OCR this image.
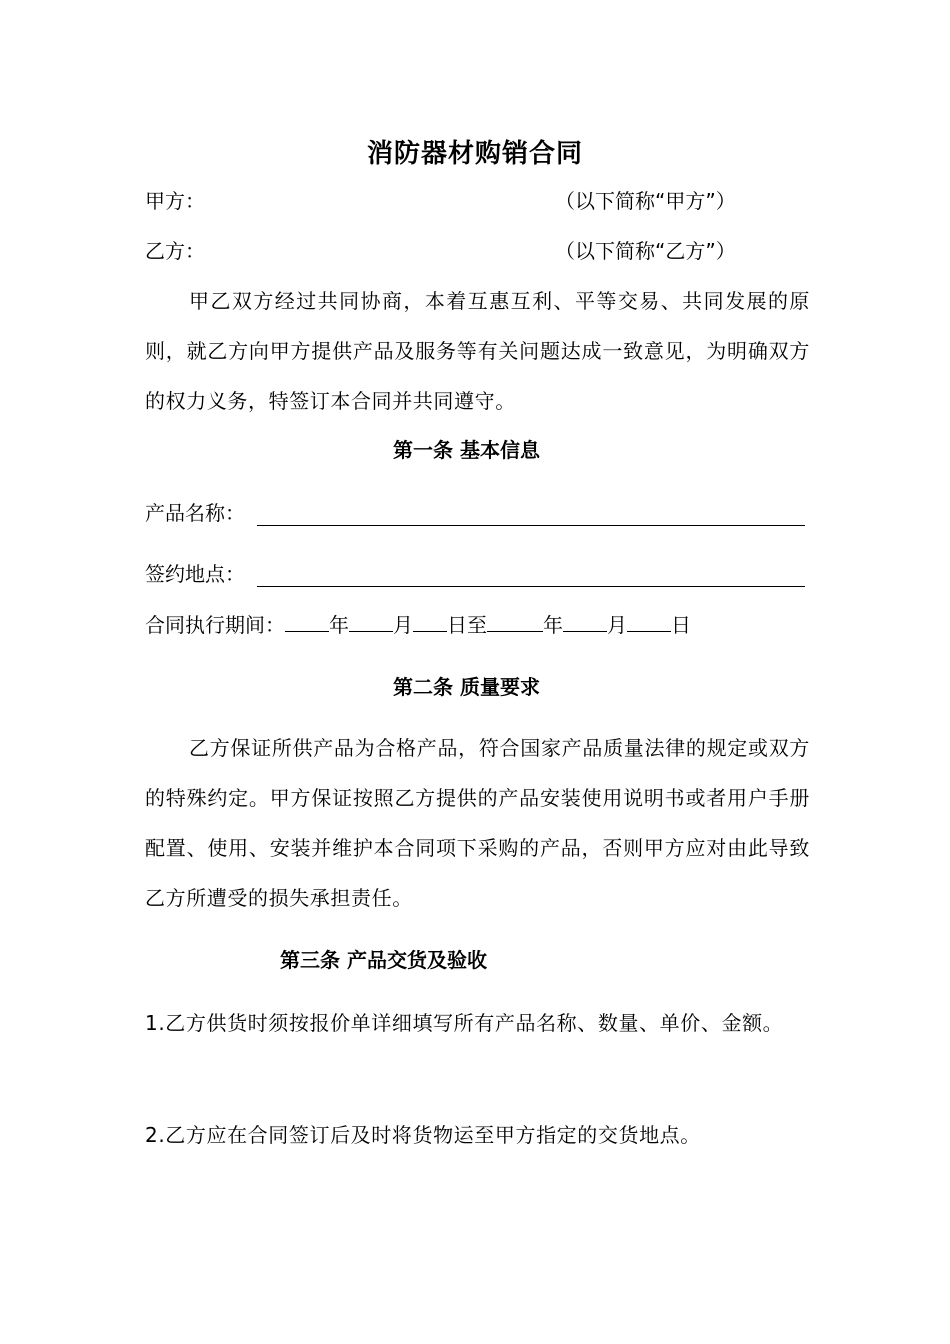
消防器材购销合同
甲方：	（以下简称“甲方”）
乙方：	（以下简称“乙方”）
甲乙双方经过共同协商，本着互惠互利、平等交易、共同发展的原则，就乙方向甲方提供产品及服务等有关问题达成一致意见，为明确双方的权力义务，特签订本合同并共同遵守。
第一条 基本信息
产品名称：
签约地点：
合同执行期间： 年 月 日至	年 月 日
第二条 质量要求
乙方保证所供产品为合格产品，符合国家产品质量法律的规定或双方的特殊约定。甲方保证按照乙方提供的产品安装使用说明书或者用户手册配置、使用、安装并维护本合同项下采购的产品，否则甲方应对由此导致乙方所遭受的损失承担责任。
第三条 产品交货及验收
1.乙方供货时须按报价单详细填写所有产品名称、数量、单价、金额。
2.乙方应在合同签订后及时将货物运至甲方指定的交货地点。
